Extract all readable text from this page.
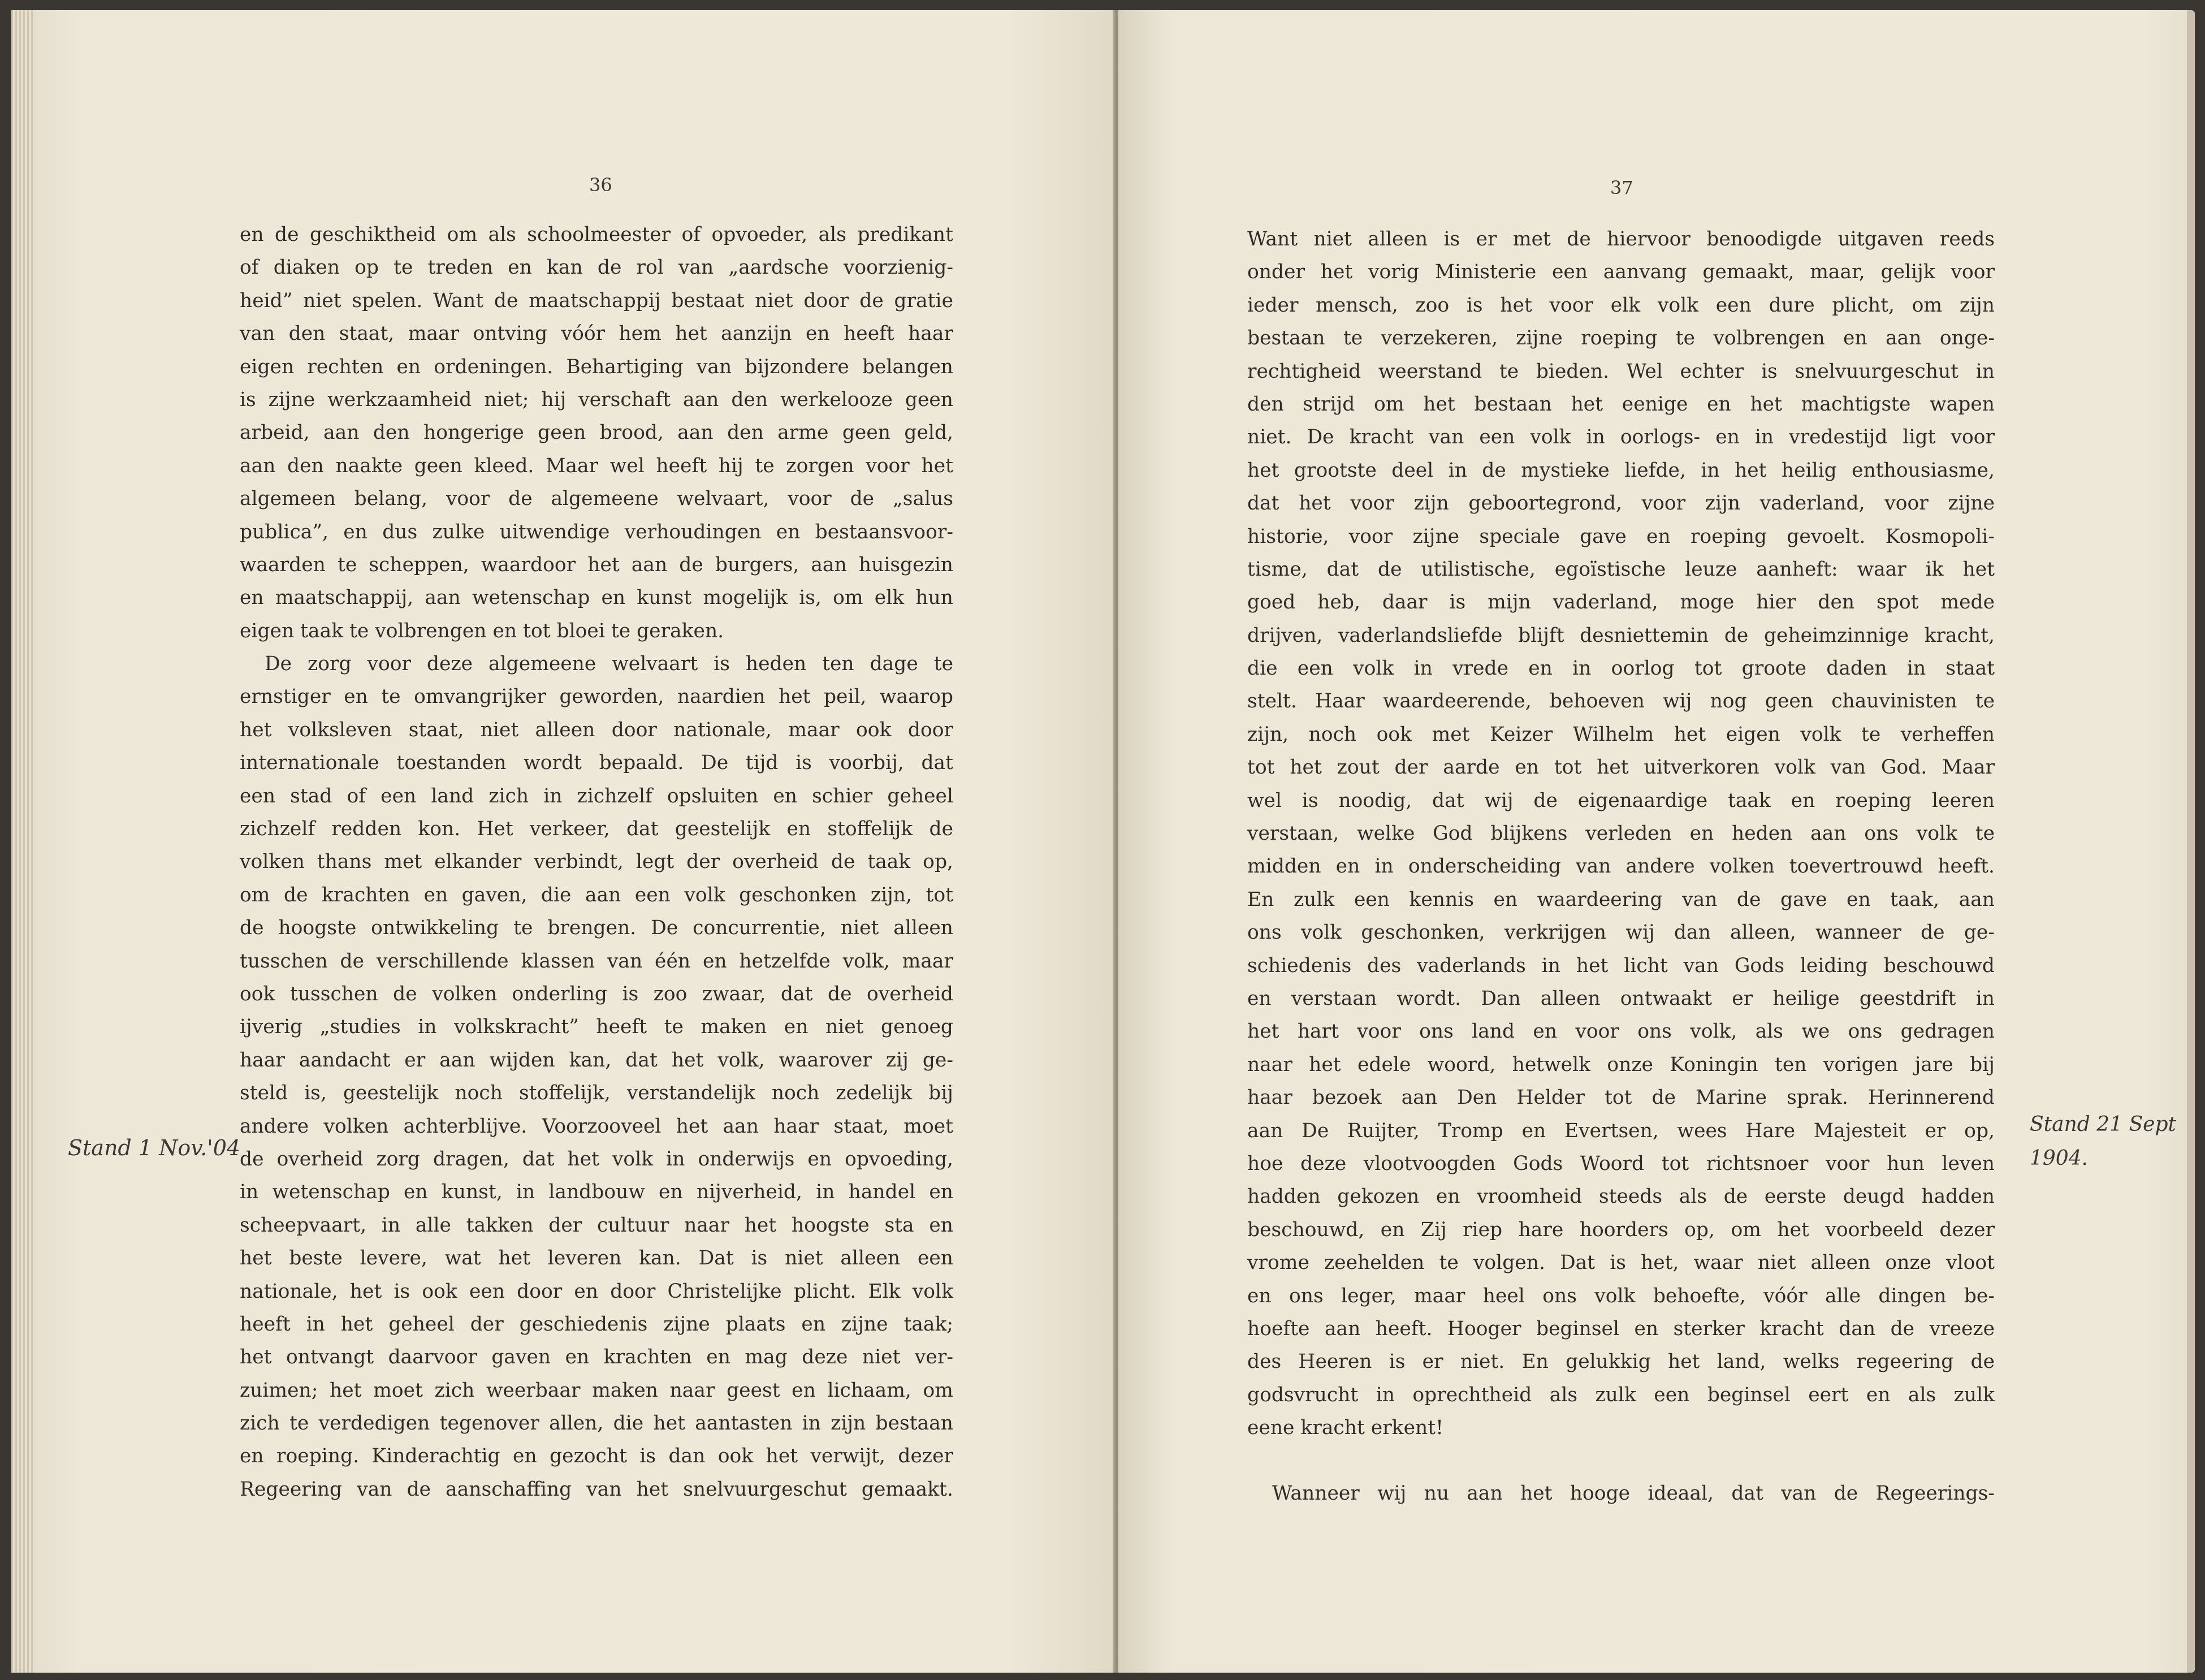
36
en de geschiktheid om als schoolmeester of opvoeder, als predikant
of diaken op te treden en kan de rol van „aardsche voorzienig-
heid” niet spelen. Want de maatschappij bestaat niet door de gratie
van den staat, maar ontving vóór hem het aanzijn en heeft haar
eigen rechten en ordeningen. Behartiging van bijzondere belangen
is zijne werkzaamheid niet; hij verschaft aan den werkelooze geen
arbeid, aan den hongerige geen brood, aan den arme geen geld,
aan den naakte geen kleed. Maar wel heeft hij te zorgen voor het
algemeen belang, voor de algemeene welvaart, voor de „salus
publica”, en dus zulke uitwendige verhoudingen en bestaansvoor-
waarden te scheppen, waardoor het aan de burgers, aan huisgezin
en maatschappij, aan wetenschap en kunst mogelijk is, om elk hun
eigen taak te volbrengen en tot bloei te geraken.
De zorg voor deze algemeene welvaart is heden ten dage te
ernstiger en te omvangrijker geworden, naardien het peil, waarop
het volksleven staat, niet alleen door nationale, maar ook door
internationale toestanden wordt bepaald. De tijd is voorbij, dat
een stad of een land zich in zichzelf opsluiten en schier geheel
zichzelf redden kon. Het verkeer, dat geestelijk en stoffelijk de
volken thans met elkander verbindt, legt der overheid de taak op,
om de krachten en gaven, die aan een volk geschonken zijn, tot
de hoogste ontwikkeling te brengen. De concurrentie, niet alleen
tusschen de verschillende klassen van één en hetzelfde volk, maar
ook tusschen de volken onderling is zoo zwaar, dat de overheid
ijverig „studies in volkskracht” heeft te maken en niet genoeg
haar aandacht er aan wijden kan, dat het volk, waarover zij ge-
steld is, geestelijk noch stoffelijk, verstandelijk noch zedelijk bij
andere volken achterblijve. Voorzooveel het aan haar staat, moet
de overheid zorg dragen, dat het volk in onderwijs en opvoeding,
in wetenschap en kunst, in landbouw en nijverheid, in handel en
scheepvaart, in alle takken der cultuur naar het hoogste sta en
het beste levere, wat het leveren kan. Dat is niet alleen een
nationale, het is ook een door en door Christelijke plicht. Elk volk
heeft in het geheel der geschiedenis zijne plaats en zijne taak;
het ontvangt daarvoor gaven en krachten en mag deze niet ver-
zuimen; het moet zich weerbaar maken naar geest en lichaam, om
zich te verdedigen tegenover allen, die het aantasten in zijn bestaan
en roeping. Kinderachtig en gezocht is dan ook het verwijt, dezer
Regeering van de aanschaffing van het snelvuurgeschut gemaakt.
Stand 1 Nov.'04
37
Want niet alleen is er met de hiervoor benoodigde uitgaven reeds
onder het vorig Ministerie een aanvang gemaakt, maar, gelijk voor
ieder mensch, zoo is het voor elk volk een dure plicht, om zijn
bestaan te verzekeren, zijne roeping te volbrengen en aan onge-
rechtigheid weerstand te bieden. Wel echter is snelvuurgeschut in
den strijd om het bestaan het eenige en het machtigste wapen
niet. De kracht van een volk in oorlogs- en in vredestijd ligt voor
het grootste deel in de mystieke liefde, in het heilig enthousiasme,
dat het voor zijn geboortegrond, voor zijn vaderland, voor zijne
historie, voor zijne speciale gave en roeping gevoelt. Kosmopoli-
tisme, dat de utilistische, egoïstische leuze aanheft: waar ik het
goed heb, daar is mijn vaderland, moge hier den spot mede
drijven, vaderlandsliefde blijft desniettemin de geheimzinnige kracht,
die een volk in vrede en in oorlog tot groote daden in staat
stelt. Haar waardeerende, behoeven wij nog geen chauvinisten te
zijn, noch ook met Keizer Wilhelm het eigen volk te verheffen
tot het zout der aarde en tot het uitverkoren volk van God. Maar
wel is noodig, dat wij de eigenaardige taak en roeping leeren
verstaan, welke God blijkens verleden en heden aan ons volk te
midden en in onderscheiding van andere volken toevertrouwd heeft.
En zulk een kennis en waardeering van de gave en taak, aan
ons volk geschonken, verkrijgen wij dan alleen, wanneer de ge-
schiedenis des vaderlands in het licht van Gods leiding beschouwd
en verstaan wordt. Dan alleen ontwaakt er heilige geestdrift in
het hart voor ons land en voor ons volk, als we ons gedragen
naar het edele woord, hetwelk onze Koningin ten vorigen jare bij
haar bezoek aan Den Helder tot de Marine sprak. Herinnerend
aan De Ruijter, Tromp en Evertsen, wees Hare Majesteit er op,
hoe deze vlootvoogden Gods Woord tot richtsnoer voor hun leven
hadden gekozen en vroomheid steeds als de eerste deugd hadden
beschouwd, en Zij riep hare hoorders op, om het voorbeeld dezer
vrome zeehelden te volgen. Dat is het, waar niet alleen onze vloot
en ons leger, maar heel ons volk behoefte, vóór alle dingen be-
hoefte aan heeft. Hooger beginsel en sterker kracht dan de vreeze
des Heeren is er niet. En gelukkig het land, welks regeering de
godsvrucht in oprechtheid als zulk een beginsel eert en als zulk
eene kracht erkent!
Wanneer wij nu aan het hooge ideaal, dat van de Regeerings-
Stand 21 Sept
1904.
